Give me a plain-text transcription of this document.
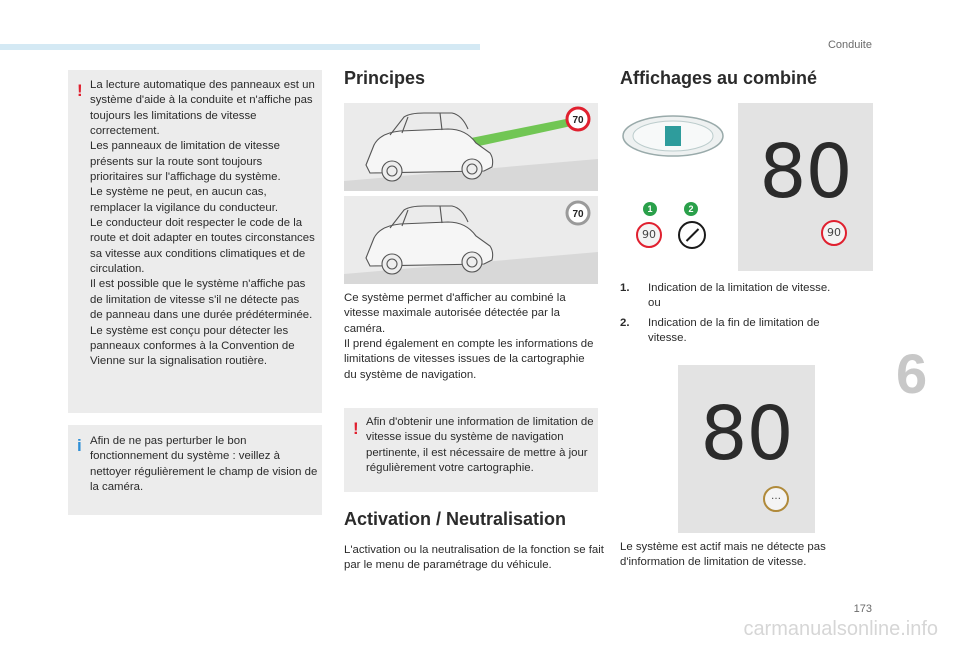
Conduite
6
! La lecture automatique des panneaux est un système d'aide à la conduite et n'affiche pas toujours les limitations de vitesse correctement.
Les panneaux de limitation de vitesse présents sur la route sont toujours prioritaires sur l'affichage du système.
Le système ne peut, en aucun cas, remplacer la vigilance du conducteur.
Le conducteur doit respecter le code de la route et doit adapter en toutes circonstances sa vitesse aux conditions climatiques et de circulation.
Il est possible que le système n'affiche pas de limitation de vitesse s'il ne détecte pas de panneau dans une durée prédéterminée.
Le système est conçu pour détecter les panneaux conformes à la Convention de Vienne sur la signalisation routière.
i Afin de ne pas perturber le bon fonctionnement du système : veillez à nettoyer régulièrement le champ de vision de la caméra.
Principes
70
70
Ce système permet d'afficher au combiné la vitesse maximale autorisée détectée par la caméra.
Il prend également en compte les informations de limitations de vitesses issues de la cartographie du système de navigation.
! Afin d'obtenir une information de limitation de vitesse issue du système de navigation pertinente, il est nécessaire de mettre à jour régulièrement votre cartographie.
Activation / Neutralisation
L'activation ou la neutralisation de la fonction se fait par le menu de paramétrage du véhicule.
Affichages au combiné
1	2
90
80
90
1.	Indication de la limitation de vitesse.
ou
2.	Indication de la fin de limitation de vitesse.
80
…
Le système est actif mais ne détecte pas d'information de limitation de vitesse.
173
carmanualsonline.info
